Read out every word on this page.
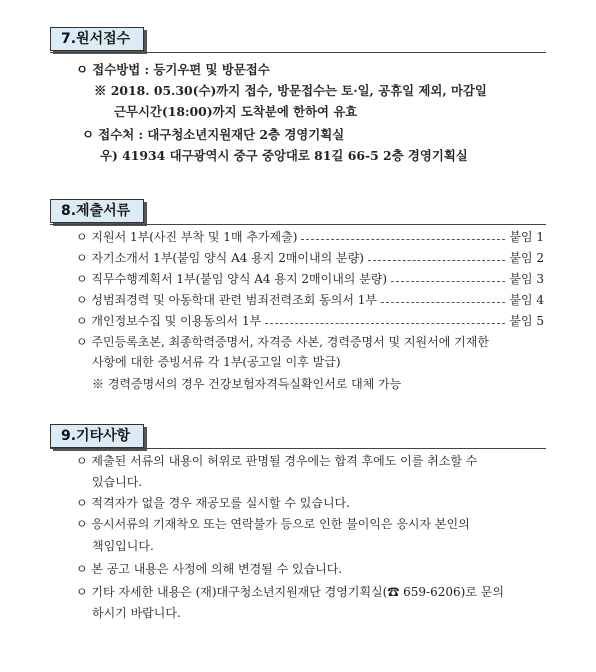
7.원서접수
ㅇ 접수방법 : 등기우편 및 방문접수
※ 2018. 05.30(수)까지 접수, 방문접수는 토·일, 공휴일 제외, 마감일
근무시간(18:00)까지 도착분에 한하여 유효
ㅇ 접수처 : 대구청소년지원재단 2층 경영기획실
우) 41934 대구광역시 중구 중앙대로 81길 66-5 2층 경영기획실
8.제출서류
ㅇ 지원서 1부(사진 부착 및 1매 추가제출)	붙임 1
ㅇ 자기소개서 1부(붙임 양식 A4 용지 2매이내의 분량)	붙임 2
ㅇ 직무수행계획서 1부(붙임 양식 A4 용지 2매이내의 분량)	붙임 3
ㅇ 성범죄경력 및 아동학대 관련 범죄전력조회 동의서 1부	붙임 4
ㅇ 개인정보수집 및 이용동의서 1부	붙임 5
ㅇ 주민등록초본, 최종학력증명서, 자격증 사본, 경력증명서 및 지원서에 기재한
사항에 대한 증빙서류 각 1부(공고일 이후 발급)
※ 경력증명서의 경우 건강보험자격득실확인서로 대체 가능
9.기타사항
ㅇ 제출된 서류의 내용이 허위로 판명될 경우에는 합격 후에도 이를 취소할 수
있습니다.
ㅇ 적격자가 없을 경우 재공모를 실시할 수 있습니다.
ㅇ 응시서류의 기재착오 또는 연락불가 등으로 인한 불이익은 응시자 본인의
책임입니다.
ㅇ 본 공고 내용은 사정에 의해 변경될 수 있습니다.
ㅇ 기타 자세한 내용은 (재)대구청소년지원재단 경영기획실(☎ 659-6206)로 문의
하시기 바랍니다.
